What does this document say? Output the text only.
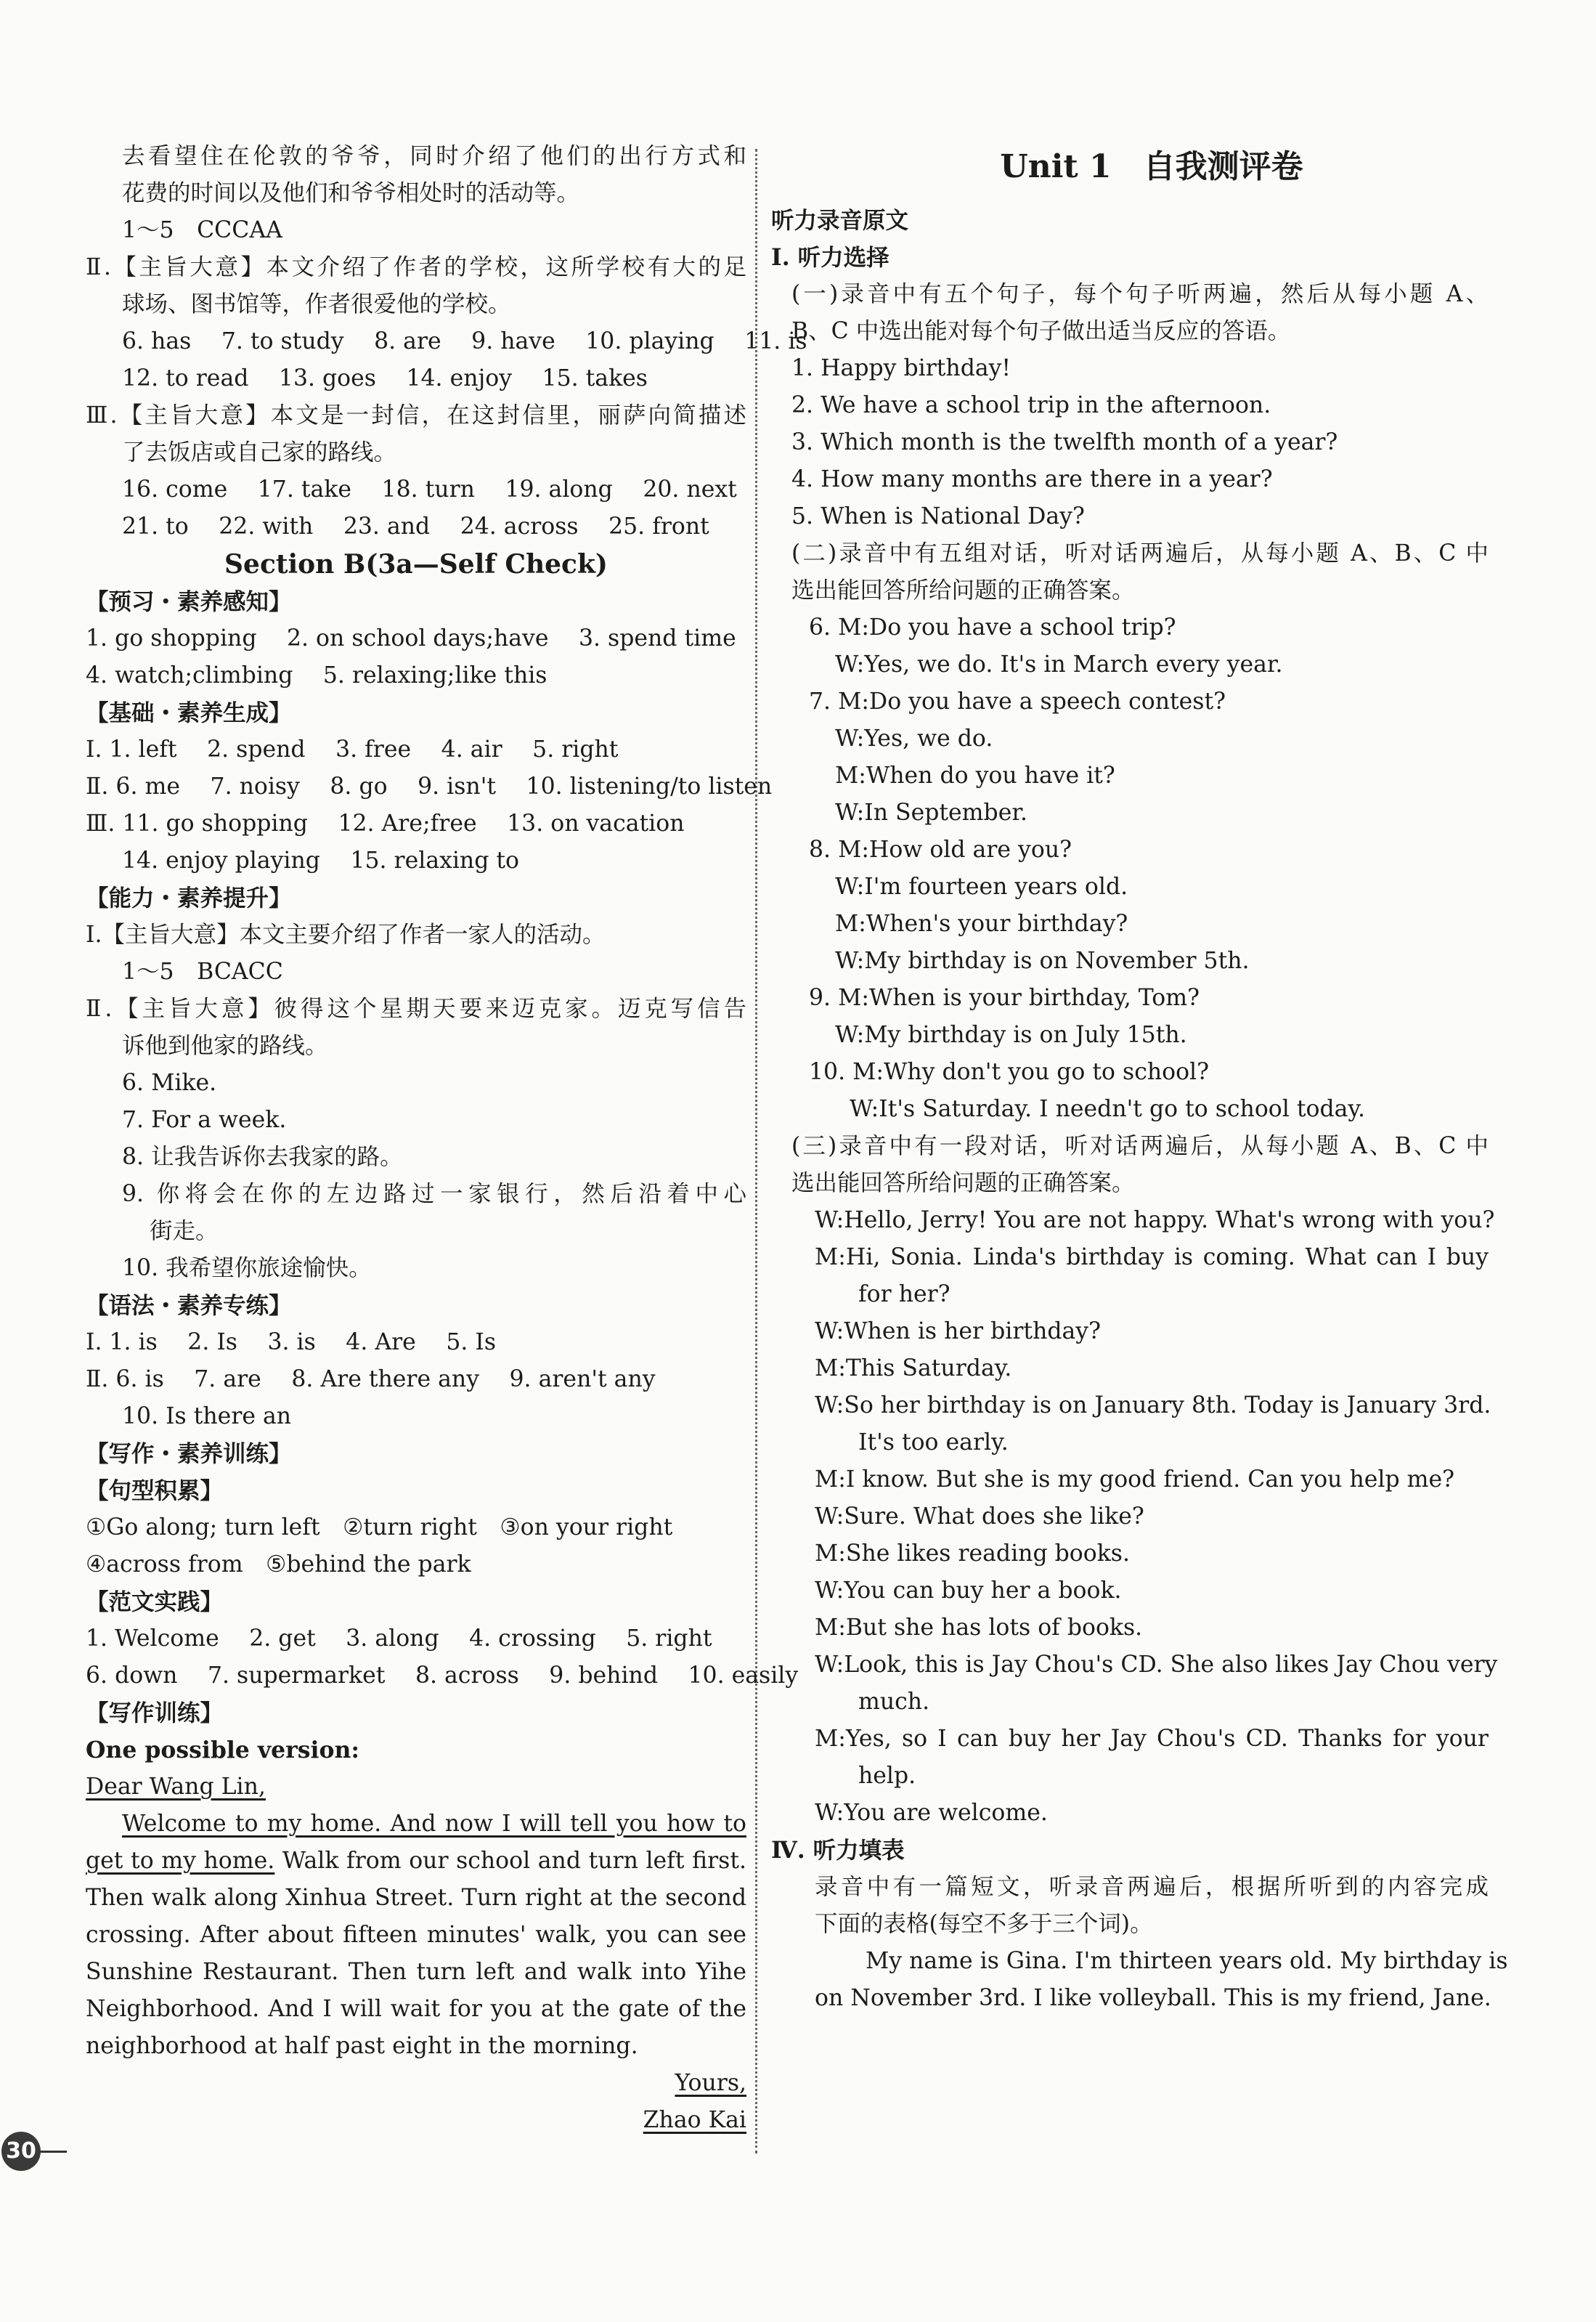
去看望住在伦敦的爷爷，同时介绍了他们的出行方式和
花费的时间以及他们和爷爷相处时的活动等。
1～5　CCCAA
Ⅱ.【主旨大意】本文介绍了作者的学校，这所学校有大的足
球场、图书馆等，作者很爱他的学校。
6. has　 7. to study　 8. are　 9. have　 10. playing　 11. is
12. to read　 13. goes　 14. enjoy　 15. takes
Ⅲ.【主旨大意】本文是一封信，在这封信里，丽萨向简描述
了去饭店或自己家的路线。
16. come　 17. take　 18. turn　 19. along　 20. next
21. to　 22. with　 23. and　 24. across　 25. front
Section B(3a—Self Check)
【预习・素养感知】
1. go shopping　 2. on school days;have　 3. spend time
4. watch;climbing　 5. relaxing;like this
【基础・素养生成】
Ⅰ. 1. left　 2. spend　 3. free　 4. air　 5. right
Ⅱ. 6. me　 7. noisy　 8. go　 9. isn't　 10. listening/to listen
Ⅲ. 11. go shopping　 12. Are;free　 13. on vacation
14. enjoy playing　 15. relaxing to
【能力・素养提升】
Ⅰ.【主旨大意】本文主要介绍了作者一家人的活动。
1～5　BCACC
Ⅱ.【主旨大意】彼得这个星期天要来迈克家。迈克写信告
诉他到他家的路线。
6. Mike.
7. For a week.
8. 让我告诉你去我家的路。
9. 你将会在你的左边路过一家银行，然后沿着中心
街走。
10. 我希望你旅途愉快。
【语法・素养专练】
Ⅰ. 1. is　 2. Is　 3. is　 4. Are　 5. Is
Ⅱ. 6. is　 7. are　 8. Are there any　 9. aren't any
10. Is there an
【写作・素养训练】
【句型积累】
①Go along; turn left　②turn right　③on your right
④across from　⑤behind the park
【范文实践】
1. Welcome　 2. get　 3. along　 4. crossing　 5. right
6. down　 7. supermarket　 8. across　 9. behind　 10. easily
【写作训练】
One possible version:
Dear Wang Lin,
Welcome to my home. And now I will tell you how to
get to my home. Walk from our school and turn left first.
Then walk along Xinhua Street. Turn right at the second
crossing. After about fifteen minutes' walk, you can see
Sunshine Restaurant. Then turn left and walk into Yihe
Neighborhood. And I will wait for you at the gate of the
neighborhood at half past eight in the morning.
Yours,
Zhao Kai
Unit 1　自我测评卷
听力录音原文
Ⅰ. 听力选择
(一)录音中有五个句子，每个句子听两遍，然后从每小题 A、
B、C 中选出能对每个句子做出适当反应的答语。
1. Happy birthday!
2. We have a school trip in the afternoon.
3. Which month is the twelfth month of a year?
4. How many months are there in a year?
5. When is National Day?
(二)录音中有五组对话，听对话两遍后，从每小题 A、B、C 中
选出能回答所给问题的正确答案。
6. M:Do you have a school trip?
W:Yes, we do. It's in March every year.
7. M:Do you have a speech contest?
W:Yes, we do.
M:When do you have it?
W:In September.
8. M:How old are you?
W:I'm fourteen years old.
M:When's your birthday?
W:My birthday is on November 5th.
9. M:When is your birthday, Tom?
W:My birthday is on July 15th.
10. M:Why don't you go to school?
W:It's Saturday. I needn't go to school today.
(三)录音中有一段对话，听对话两遍后，从每小题 A、B、C 中
选出能回答所给问题的正确答案。
W:Hello, Jerry! You are not happy. What's wrong with you?
M:Hi, Sonia. Linda's birthday is coming. What can I buy
for her?
W:When is her birthday?
M:This Saturday.
W:So her birthday is on January 8th. Today is January 3rd.
It's too early.
M:I know. But she is my good friend. Can you help me?
W:Sure. What does she like?
M:She likes reading books.
W:You can buy her a book.
M:But she has lots of books.
W:Look, this is Jay Chou's CD. She also likes Jay Chou very
much.
M:Yes, so I can buy her Jay Chou's CD. Thanks for your
help.
W:You are welcome.
Ⅳ. 听力填表
录音中有一篇短文，听录音两遍后，根据所听到的内容完成
下面的表格(每空不多于三个词)。
My name is Gina. I'm thirteen years old. My birthday is
on November 3rd. I like volleyball. This is my friend, Jane.
30
